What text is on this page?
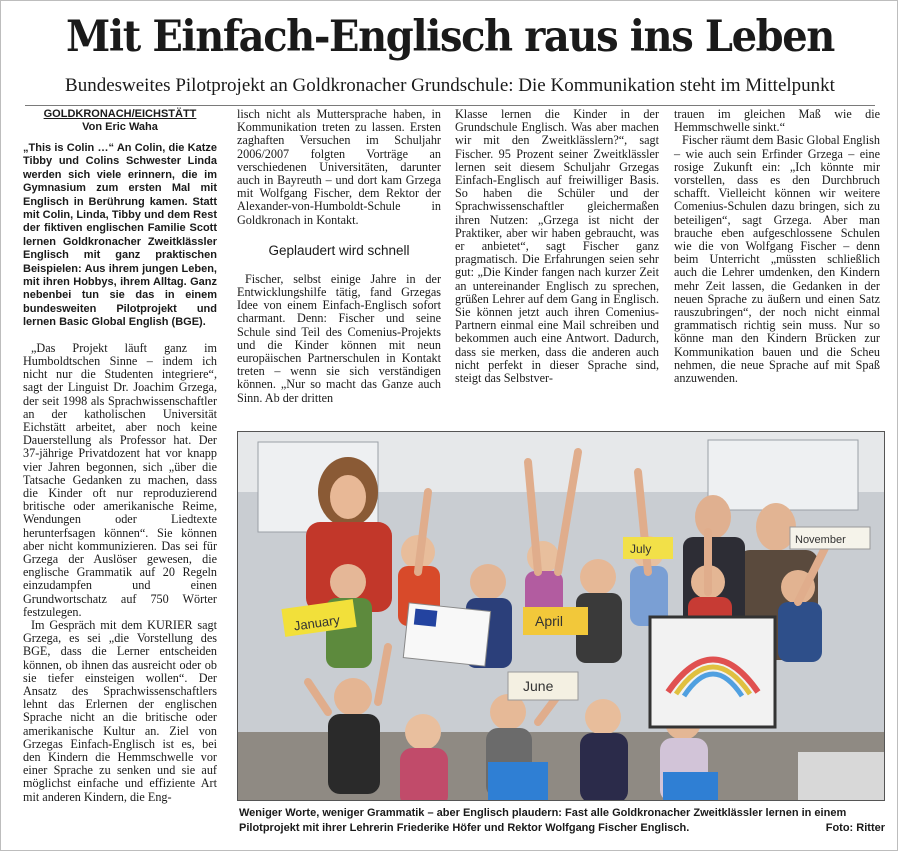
Mit Einfach-Englisch raus ins Leben
Bundesweites Pilotprojekt an Goldkronacher Grundschule: Die Kommunikation steht im Mittelpunkt
GOLDKRONACH/EICHSTÄTT
Von Eric Waha

„This is Colin …“ An Colin, die Katze Tibby und Colins Schwester Linda werden sich viele erinnern, die im Gymnasium zum ersten Mal mit Englisch in Berührung kamen. Statt mit Colin, Linda, Tibby und dem Rest der fiktiven englischen Familie Scott lernen Goldkronacher Zweitklässler Englisch mit ganz praktischen Beispielen: Aus ihrem jungen Leben, mit ihren Hobbys, ihrem Alltag. Ganz nebenbei tun sie das in einem bundesweiten Pilotprojekt und lernen Basic Global English (BGE).

„Das Projekt läuft ganz im Humboldtschen Sinne – indem ich nicht nur die Studenten integriere“, sagt der Linguist Dr. Joachim Grzega, der seit 1998 als Sprachwissenschaftler an der katholischen Universität Eichstätt arbeitet, aber noch keine Dauerstellung als Professor hat. Der 37-jährige Privatdozent hat vor knapp vier Jahren begonnen, sich „über die Tatsache Gedanken zu machen, dass die Kinder oft nur reproduzierend britische oder amerikanische Reime, Wendungen oder Liedtexte herunterfsagen können“. Sie können aber nicht kommunizieren. Das sei für Grzega der Auslöser gewesen, die englische Grammatik auf 20 Regeln einzudampfen und einen Grundwortschatz auf 750 Wörter festzulegen.

Im Gespräch mit dem KURIER sagt Grzega, es sei „die Vorstellung des BGE, dass die Lerner entscheiden können, ob ihnen das ausreicht oder ob sie tiefer einsteigen wollen“. Der Ansatz des Sprachwissenschaftlers lehnt das Erlernen der englischen Sprache nicht an die britische oder amerikanische Kultur an. Ziel von Grzegas Einfach-Englisch ist es, bei den Kindern die Hemmschwelle vor einer Sprache zu senken und sie auf möglichst einfache und effiziente Art mit anderen Kindern, die Eng-

lisch nicht als Muttersprache haben, in Kommunikation treten zu lassen. Ersten zaghaften Versuchen im Schuljahr 2006/2007 folgten Vorträge an verschiedenen Universitäten, darunter auch in Bayreuth – und dort kam Grzega mit Wolfgang Fischer, dem Rektor der Alexander-von-Humboldt-Schule in Goldkronach in Kontakt.

Geplaudert wird schnell

Fischer, selbst einige Jahre in der Entwicklungshilfe tätig, fand Grzegas Idee von einem Einfach-Englisch sofort charmant. Denn: Fischer und seine Schule sind Teil des Comenius-Projekts und die Kinder können mit neun europäischen Partnerschulen in Kontakt treten – wenn sie sich verständigen können. „Nur so macht das Ganze auch Sinn. Ab der dritten

Klasse lernen die Kinder in der Grundschule Englisch. Was aber machen wir mit den Zweitklässlern?“, sagt Fischer. 95 Prozent seiner Zweitklässler lernen seit diesem Schuljahr Grzegas Einfach-Englisch auf freiwilliger Basis. So haben die Schüler und der Sprachwissenschaftler gleichermaßen ihren Nutzen: „Grzega ist nicht der Praktiker, aber wir haben gebraucht, was er anbietet“, sagt Fischer ganz pragmatisch. Die Erfahrungen seien sehr gut: „Die Kinder fangen nach kurzer Zeit an untereinander Englisch zu sprechen, grüßen Lehrer auf dem Gang in Englisch. Sie können jetzt auch ihren Comenius-Partnern einmal eine Mail schreiben und bekommen auch eine Antwort. Dadurch, dass sie merken, dass die anderen auch nicht perfekt in dieser Sprache sind, steigt das Selbstver-

trauen im gleichen Maß wie die Hemmschwelle sinkt.“

Fischer räumt dem Basic Global English – wie auch sein Erfinder Grzega – eine rosige Zukunft ein: „Ich könnte mir vorstellen, dass es den Durchbruch schafft. Vielleicht können wir weitere Comenius-Schulen dazu bringen, sich zu beteiligen“, sagt Grzega. Aber man brauche eben aufgeschlossene Schulen wie die von Wolfgang Fischer – denn beim Unterricht „müssten schließlich auch die Lehrer umdenken, den Kindern mehr Zeit lassen, die Gedanken in der neuen Sprache zu äußern und einen Satz rauszubringen“, der noch nicht einmal grammatisch richtig sein muss. Nur so könne man den Kindern Brücken zur Kommunikation bauen und die Scheu nehmen, die neue Sprache auf mit Spaß anzuwenden.

January	April
June
July
November
Weniger Worte, weniger Grammatik – aber Englisch plaudern: Fast alle Goldkronacher Zweitklässler lernen in einem Pilotprojekt mit ihrer Lehrerin Friederike Höfer und Rektor Wolfgang Fischer Englisch.	Foto: Ritter
